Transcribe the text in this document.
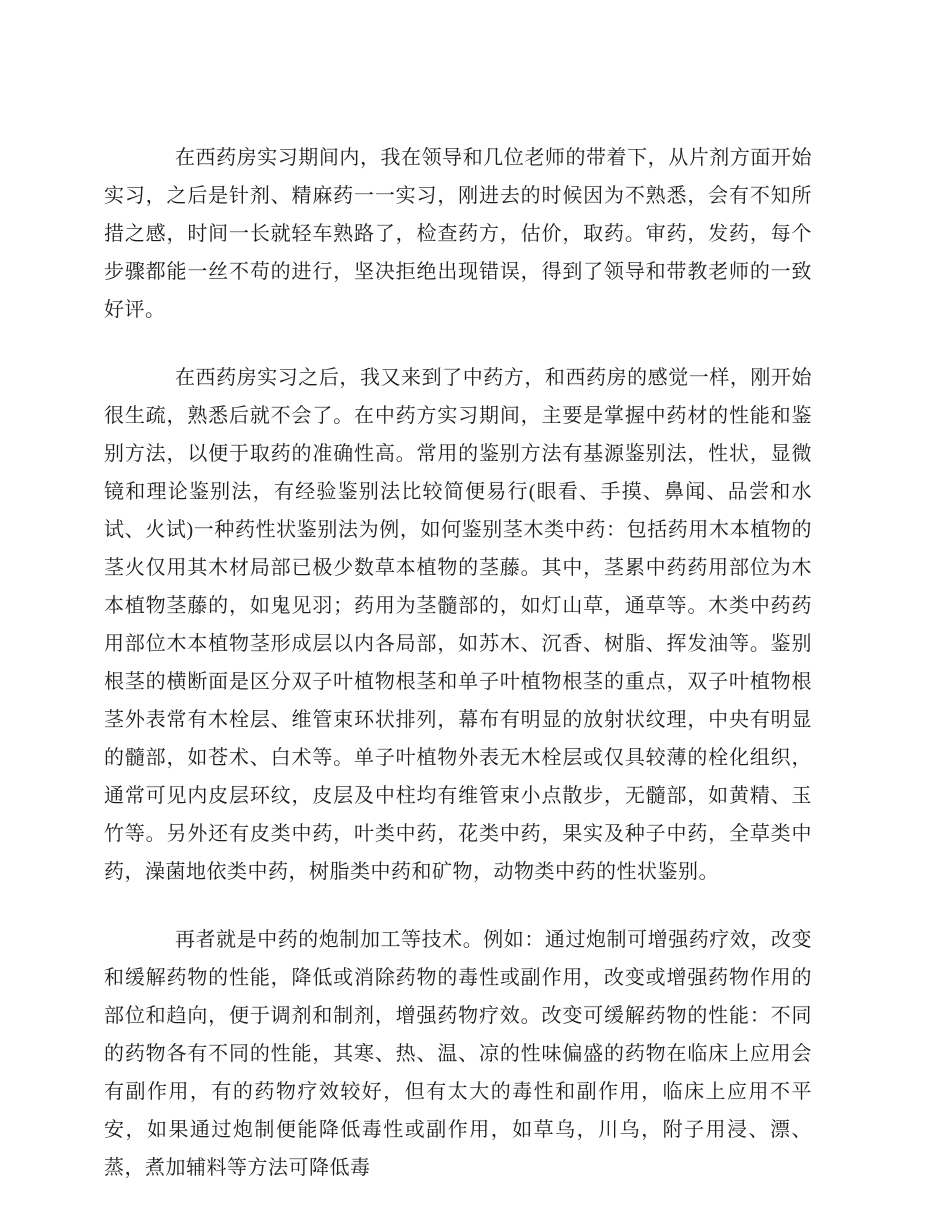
在西药房实习期间内，我在领导和几位老师的带着下，从片剂方面开始实习，之后是针剂、精麻药一一实习，刚进去的时候因为不熟悉，会有不知所措之感，时间一长就轻车熟路了，检查药方，估价，取药。审药，发药，每个步骤都能一丝不苟的进行，坚决拒绝出现错误，得到了领导和带教老师的一致好评。

在西药房实习之后，我又来到了中药方，和西药房的感觉一样，刚开始很生疏，熟悉后就不会了。在中药方实习期间，主要是掌握中药材的性能和鉴别方法，以便于取药的准确性高。常用的鉴别方法有基源鉴别法，性状，显微镜和理论鉴别法，有经验鉴别法比较简便易行(眼看、手摸、鼻闻、品尝和水试、火试)一种药性状鉴别法为例，如何鉴别茎木类中药：包括药用木本植物的茎火仅用其木材局部已极少数草本植物的茎藤。其中，茎累中药药用部位为木本植物茎藤的，如鬼见羽；药用为茎髓部的，如灯山草，通草等。木类中药药用部位木本植物茎形成层以内各局部，如苏木、沉香、树脂、挥发油等。鉴别根茎的横断面是区分双子叶植物根茎和单子叶植物根茎的重点，双子叶植物根茎外表常有木栓层、维管束环状排列，幕布有明显的放射状纹理，中央有明显的髓部，如苍术、白术等。单子叶植物外表无木栓层或仅具较薄的栓化组织，通常可见内皮层环纹，皮层及中柱均有维管束小点散步，无髓部，如黄精、玉竹等。另外还有皮类中药，叶类中药，花类中药，果实及种子中药，全草类中药，澡菌地依类中药，树脂类中药和矿物，动物类中药的性状鉴别。

再者就是中药的炮制加工等技术。例如：通过炮制可增强药疗效，改变和缓解药物的性能，降低或消除药物的毒性或副作用，改变或增强药物作用的部位和趋向，便于调剂和制剂，增强药物疗效。改变可缓解药物的性能：不同的药物各有不同的性能，其寒、热、温、凉的性味偏盛的药物在临床上应用会有副作用，有的药物疗效较好，但有太大的毒性和副作用，临床上应用不平安，如果通过炮制便能降低毒性或副作用，如草乌，川乌，附子用浸、漂、蒸，煮加辅料等方法可降低毒
